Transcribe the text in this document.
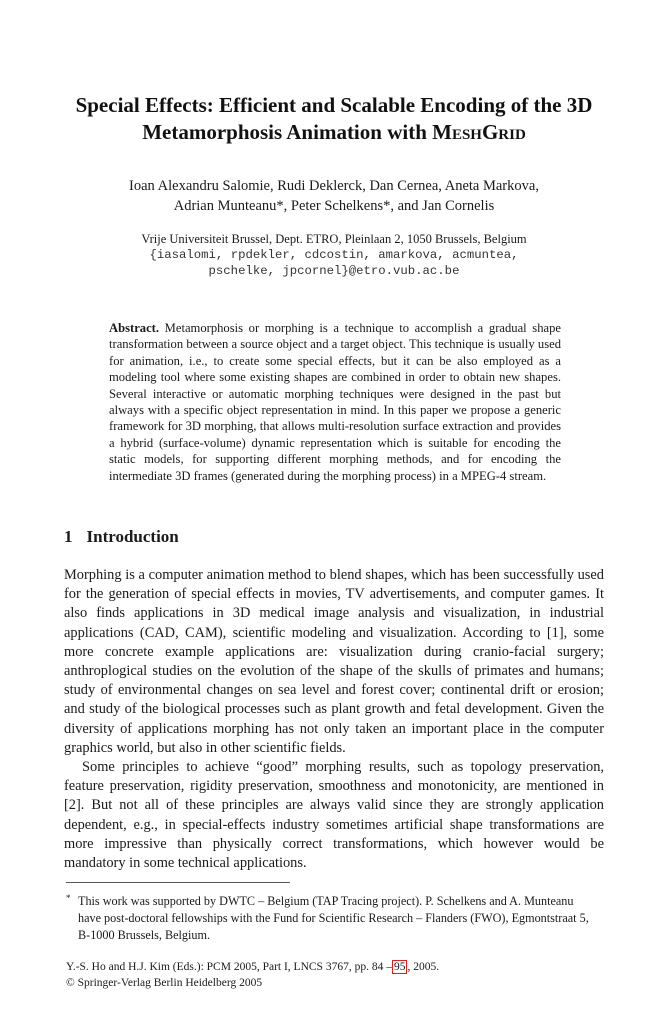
Special Effects: Efficient and Scalable Encoding of the 3D
Metamorphosis Animation with MeshGrid
Ioan Alexandru Salomie, Rudi Deklerck, Dan Cernea, Aneta Markova,
Adrian Munteanu*, Peter Schelkens*, and Jan Cornelis
Vrije Universiteit Brussel, Dept. ETRO, Pleinlaan 2, 1050 Brussels, Belgium
{iasalomi, rpdekler, cdcostin, amarkova, acmuntea,
pschelke, jpcornel}@etro.vub.ac.be
Abstract. Metamorphosis or morphing is a technique to accomplish a gradual shape transformation between a source object and a target object. This technique is usually used for animation, i.e., to create some special effects, but it can be also employed as a modeling tool where some existing shapes are combined in order to obtain new shapes. Several interactive or automatic morphing techniques were designed in the past but always with a specific object representation in mind. In this paper we propose a generic framework for 3D morphing, that allows multi-resolution surface extraction and provides a hybrid (surface-volume) dynamic representation which is suitable for encoding the static models, for supporting different morphing methods, and for encoding the intermediate 3D frames (generated during the morphing process) in a MPEG-4 stream.
1 Introduction

Morphing is a computer animation method to blend shapes, which has been successfully used for the generation of special effects in movies, TV advertisements, and computer games. It also finds applications in 3D medical image analysis and visualization, in industrial applications (CAD, CAM), scientific modeling and visualization. According to [1], some more concrete example applications are: visualization during cranio-facial surgery; anthroplogical studies on the evolution of the shape of the skulls of primates and humans; study of environmental changes on sea level and forest cover; continental drift or erosion; and study of the biological processes such as plant growth and fetal development. Given the diversity of applications morphing has not only taken an important place in the computer graphics world, but also in other scientific fields.

Some principles to achieve “good” morphing results, such as topology preservation, feature preservation, rigidity preservation, smoothness and monotonicity, are mentioned in [2]. But not all of these principles are always valid since they are strongly application dependent, e.g., in special-effects industry sometimes artificial shape transformations are more impressive than physically correct transformations, which however would be mandatory in some technical applications.

* This work was supported by DWTC – Belgium (TAP Tracing project). P. Schelkens and A. Munteanu have post-doctoral fellowships with the Fund for Scientific Research – Flanders (FWO), Egmontstraat 5, B-1000 Brussels, Belgium.
Y.-S. Ho and H.J. Kim (Eds.): PCM 2005, Part I, LNCS 3767, pp. 84 – 95 , 2005.
© Springer-Verlag Berlin Heidelberg 2005
